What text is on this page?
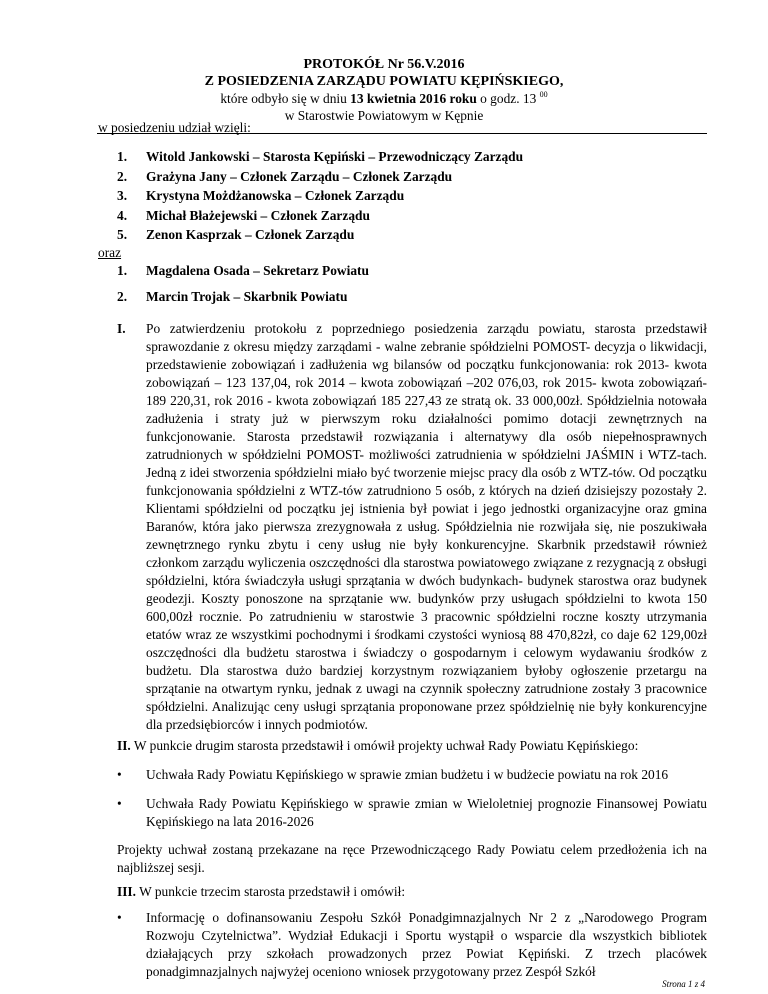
PROTOKÓŁ Nr 56.V.2016
Z POSIEDZENIA ZARZĄDU POWIATU KĘPIŃSKIEGO,
które odbyło się w dniu 13 kwietnia 2016 roku o godz. 13 $^{00}$
w Starostwie Powiatowym w Kępnie
w posiedzeniu udział wzięli:
1.	Witold Jankowski – Starosta Kępiński – Przewodniczący Zarządu
2.	Grażyna Jany – Członek Zarządu – Członek Zarządu
3.	Krystyna Możdżanowska – Członek Zarządu
4.	Michał Błażejewski – Członek Zarządu
5.	Zenon Kasprzak – Członek Zarządu
oraz
1.	Magdalena Osada – Sekretarz Powiatu
2.	Marcin Trojak – Skarbnik Powiatu
I. Po zatwierdzeniu protokołu z poprzedniego posiedzenia zarządu powiatu, starosta przedstawił sprawozdanie z okresu między zarządami - walne zebranie spółdzielni POMOST- decyzja o likwidacji, przedstawienie zobowiązań i zadłużenia wg bilansów od początku funkcjonowania: rok 2013- kwota zobowiązań – 123 137,04, rok 2014 – kwota zobowiązań –202 076,03, rok 2015- kwota zobowiązań- 189 220,31, rok 2016 - kwota zobowiązań 185 227,43 ze stratą ok. 33 000,00zł. Spółdzielnia notowała zadłużenia i straty już w pierwszym roku działalności pomimo dotacji zewnętrznych na funkcjonowanie. Starosta przedstawił rozwiązania i alternatywy dla osób niepełnosprawnych zatrudnionych w spółdzielni POMOST- możliwości zatrudnienia w spółdzielni JAŚMIN i WTZ-tach. Jedną z idei stworzenia spółdzielni miało być tworzenie miejsc pracy dla osób z WTZ-tów. Od początku funkcjonowania spółdzielni z WTZ-tów zatrudniono 5 osób, z których na dzień dzisiejszy pozostały 2. Klientami spółdzielni od początku jej istnienia był powiat i jego jednostki organizacyjne oraz gmina Baranów, która jako pierwsza zrezygnowała z usług. Spółdzielnia nie rozwijała się, nie poszukiwała zewnętrznego rynku zbytu i ceny usług nie były konkurencyjne. Skarbnik przedstawił również członkom zarządu wyliczenia oszczędności dla starostwa powiatowego związane z rezygnacją z obsługi spółdzielni, która świadczyła usługi sprzątania w dwóch budynkach- budynek starostwa oraz budynek geodezji. Koszty ponoszone na sprzątanie ww. budynków przy usługach spółdzielni to kwota 150 600,00zł rocznie. Po zatrudnieniu w starostwie 3 pracownic spółdzielni roczne koszty utrzymania etatów wraz ze wszystkimi pochodnymi i środkami czystości wyniosą 88 470,82zł, co daje 62 129,00zł oszczędności dla budżetu starostwa i świadczy o gospodarnym i celowym wydawaniu środków z budżetu. Dla starostwa dużo bardziej korzystnym rozwiązaniem byłoby ogłoszenie przetargu na sprzątanie na otwartym rynku, jednak z uwagi na czynnik społeczny zatrudnione zostały 3 pracownice spółdzielni. Analizując ceny usługi sprzątania proponowane przez spółdzielnię nie były konkurencyjne dla przedsiębiorców i innych podmiotów.
II. W punkcie drugim starosta przedstawił i omówił projekty uchwał Rady Powiatu Kępińskiego:
• Uchwała Rady Powiatu Kępińskiego w sprawie zmian budżetu i w budżecie powiatu na rok 2016
• Uchwała Rady Powiatu Kępińskiego w sprawie zmian w Wieloletniej prognozie Finansowej Powiatu Kępińskiego na lata 2016-2026
Projekty uchwał zostaną przekazane na ręce Przewodniczącego Rady Powiatu celem przedłożenia ich na najbliższej sesji.
III. W punkcie trzecim starosta przedstawił i omówił:
• Informację o dofinansowaniu Zespołu Szkół Ponadgimnazjalnych Nr 2 z „Narodowego Program Rozwoju Czytelnictwa”. Wydział Edukacji i Sportu wystąpił o wsparcie dla wszystkich bibliotek działających przy szkołach prowadzonych przez Powiat Kępiński. Z trzech placówek ponadgimnazjalnych najwyżej oceniono wniosek przygotowany przez Zespół Szkół
Strona 1 z 4
